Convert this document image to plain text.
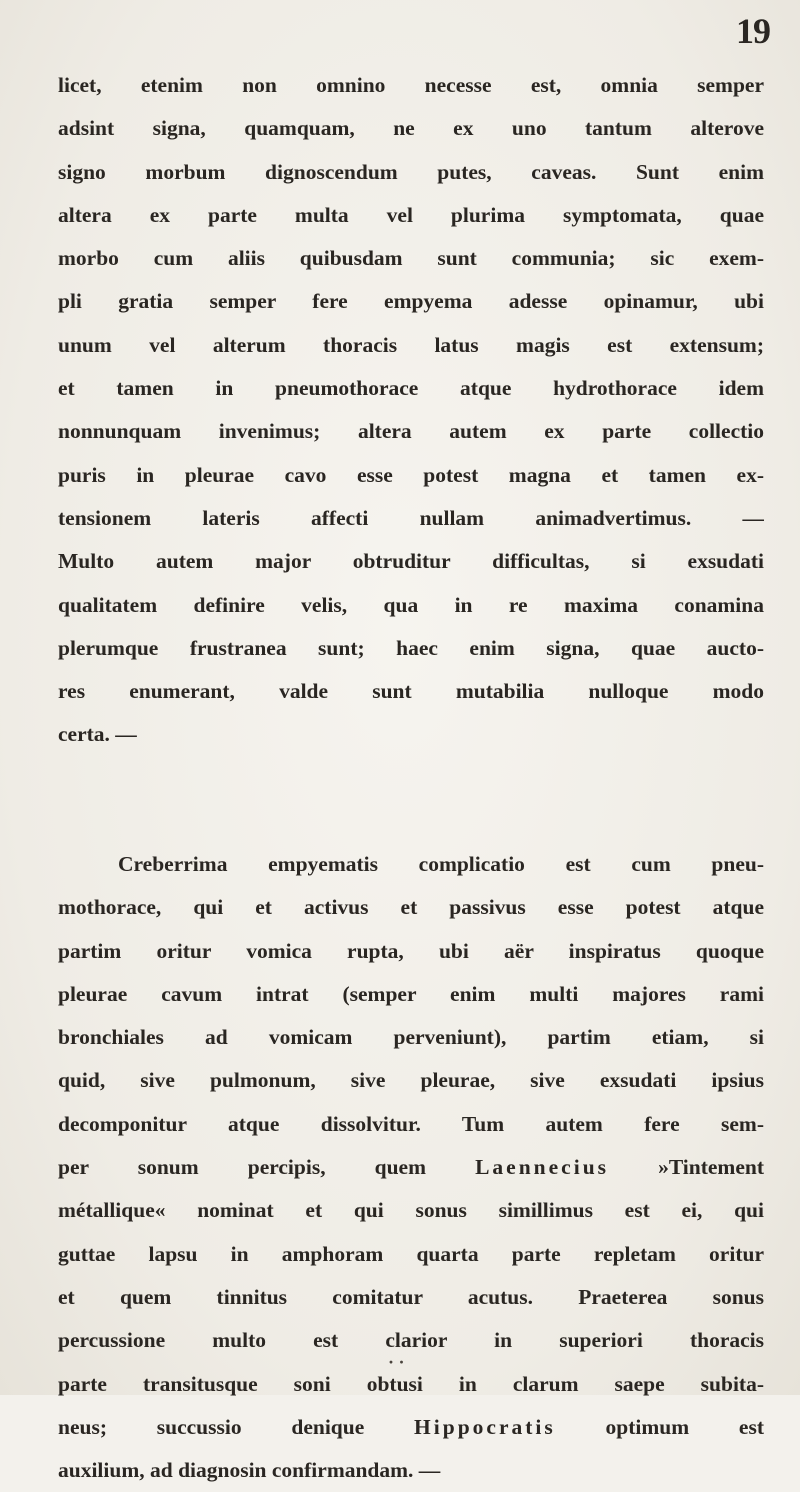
19
licet, etenim non omnino necesse est, omnia semper
adsint signa, quamquam, ne ex uno tantum alterove
signo morbum dignoscendum putes, caveas. Sunt enim
altera ex parte multa vel plurima symptomata, quae
morbo cum aliis quibusdam sunt communia; sic exem-
pli gratia semper fere empyema adesse opinamur, ubi
unum vel alterum thoracis latus magis est extensum;
et tamen in pneumothorace atque hydrothorace idem
nonnunquam invenimus; altera autem ex parte collectio
puris in pleurae cavo esse potest magna et tamen ex-
tensionem lateris affecti nullam animadvertimus. —
Multo autem major obtruditur difficultas, si exsudati
qualitatem definire velis, qua in re maxima conamina
plerumque frustranea sunt; haec enim signa, quae aucto-
res enumerant, valde sunt mutabilia nulloque modo
certa. —
Creberrima empyematis complicatio est cum pneu-
mothorace, qui et activus et passivus esse potest atque
partim oritur vomica rupta, ubi aër inspiratus quoque
pleurae cavum intrat (semper enim multi majores rami
bronchiales ad vomicam perveniunt), partim etiam, si
quid, sive pulmonum, sive pleurae, sive exsudati ipsius
decomponitur atque dissolvitur. Tum autem fere sem-
per sonum percipis, quem Laennecius »Tintement
métallique« nominat et qui sonus simillimus est ei, qui
guttae lapsu in amphoram quarta parte repletam oritur
et quem tinnitus comitatur acutus. Praeterea sonus
percussione multo est clarior in superiori thoracis
parte transitusque soni obtusi in clarum saepe subita-
neus; succussio denique Hippocratis optimum est
auxilium, ad diagnosin confirmandam. —
· ·
